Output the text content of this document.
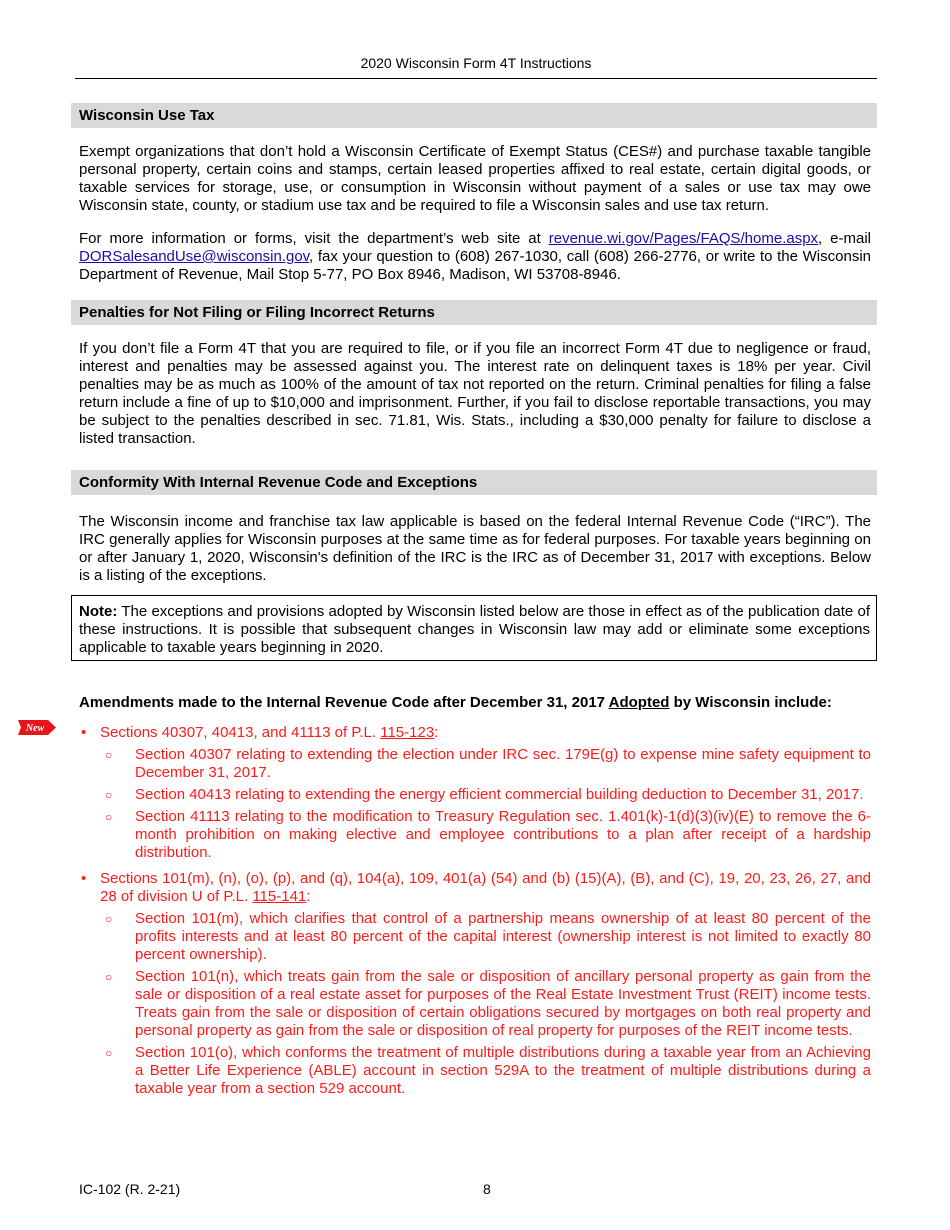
2020 Wisconsin Form 4T Instructions
Wisconsin Use Tax

Exempt organizations that don’t hold a Wisconsin Certificate of Exempt Status (CES#) and purchase taxable tangible personal property, certain coins and stamps, certain leased properties affixed to real estate, certain digital goods, or taxable services for storage, use, or consumption in Wisconsin without payment of a sales or use tax may owe Wisconsin state, county, or stadium use tax and be required to file a Wisconsin sales and use tax return.

For more information or forms, visit the department’s web site at revenue.wi.gov/Pages/FAQS/home.aspx, e-mail DORSalesandUse@wisconsin.gov, fax your question to (608) 267-1030, call (608) 266-2776, or write to the Wisconsin Department of Revenue, Mail Stop 5-77, PO Box 8946, Madison, WI 53708-8946.

Penalties for Not Filing or Filing Incorrect Returns

If you don’t file a Form 4T that you are required to file, or if you file an incorrect Form 4T due to negligence or fraud, interest and penalties may be assessed against you. The interest rate on delinquent taxes is 18% per year. Civil penalties may be as much as 100% of the amount of tax not reported on the return. Criminal penalties for filing a false return include a fine of up to $10,000 and imprisonment. Further, if you fail to disclose reportable transactions, you may be subject to the penalties described in sec. 71.81, Wis. Stats., including a $30,000 penalty for failure to disclose a listed transaction.

Conformity With Internal Revenue Code and Exceptions

The Wisconsin income and franchise tax law applicable is based on the federal Internal Revenue Code (“IRC”). The IRC generally applies for Wisconsin purposes at the same time as for federal purposes. For taxable years beginning on or after January 1, 2020, Wisconsin's definition of the IRC is the IRC as of December 31, 2017 with exceptions. Below is a listing of the exceptions.

Note: The exceptions and provisions adopted by Wisconsin listed below are those in effect as of the publication date of these instructions. It is possible that subsequent changes in Wisconsin law may add or eliminate some exceptions applicable to taxable years beginning in 2020.
Amendments made to the Internal Revenue Code after December 31, 2017 Adopted by Wisconsin include:
• Sections 40307, 40413, and 41113 of P.L. 115-123:
○ Section 40307 relating to extending the election under IRC sec. 179E(g) to expense mine safety equipment to December 31, 2017.
○ Section 40413 relating to extending the energy efficient commercial building deduction to December 31, 2017.
○ Section 41113 relating to the modification to Treasury Regulation sec. 1.401(k)-1(d)(3)(iv)(E) to remove the 6-month prohibition on making elective and employee contributions to a plan after receipt of a hardship distribution.
• Sections 101(m), (n), (o), (p), and (q), 104(a), 109, 401(a) (54) and (b) (15)(A), (B), and (C), 19, 20, 23, 26, 27, and 28 of division U of P.L. 115-141:
○ Section 101(m), which clarifies that control of a partnership means ownership of at least 80 percent of the profits interests and at least 80 percent of the capital interest (ownership interest is not limited to exactly 80 percent ownership).
○ Section 101(n), which treats gain from the sale or disposition of ancillary personal property as gain from the sale or disposition of a real estate asset for purposes of the Real Estate Investment Trust (REIT) income tests. Treats gain from the sale or disposition of certain obligations secured by mortgages on both real property and personal property as gain from the sale or disposition of real property for purposes of the REIT income tests.
○ Section 101(o), which conforms the treatment of multiple distributions during a taxable year from an Achieving a Better Life Experience (ABLE) account in section 529A to the treatment of multiple distributions during a taxable year from a section 529 account.
New
IC-102 (R. 2-21)	8
